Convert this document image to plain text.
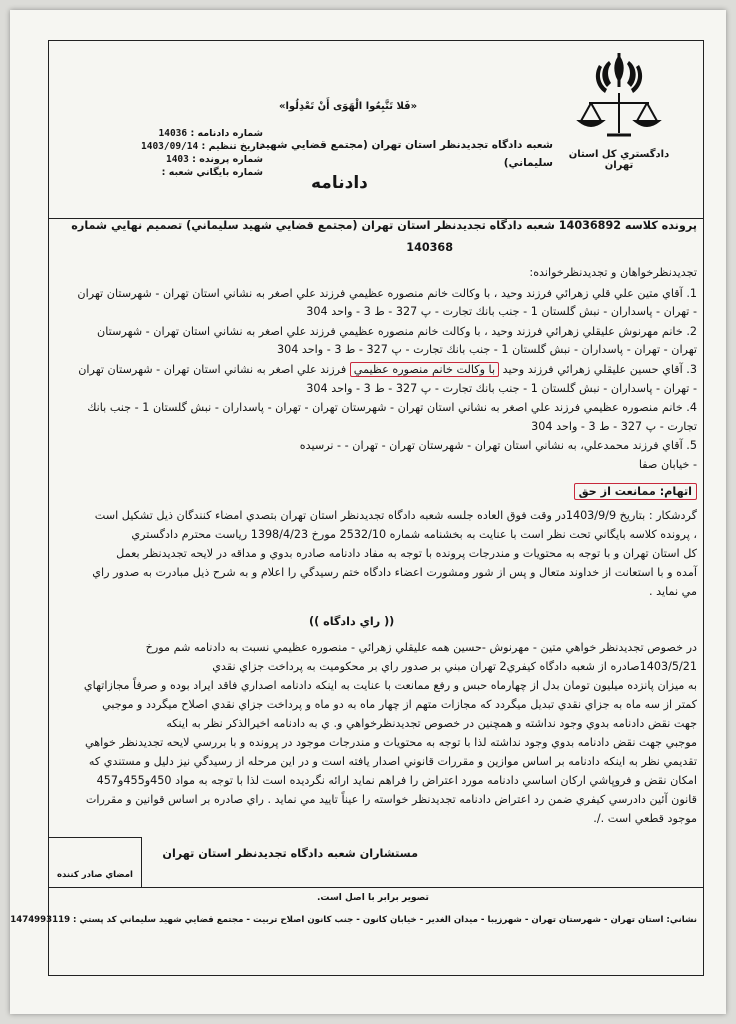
دادگستري كل استان تهران
«فَلا تَتَّبِعُوا الْهَوَى أَنْ تَعْدِلُوا»
شعبه دادگاه تجديدنظر استان تهران (مجتمع قضايي شهيد
سليماني)
دادنامه
شماره دادنامه : 14036
تاريخ تنظيم : 1403/09/14
شماره پرونده : 1403
شماره بايگاني شعبه :
پرونده كلاسه 14036892 شعبه دادگاه تجديدنظر استان تهران (مجتمع قضايي شهيد سليماني) تصميم نهايي شماره
140368
تجديدنظرخواهان و تجديدنظرخوانده:
1. آقاي متين علي قلي زهرائي فرزند وحيد ، با وكالت خانم منصوره عظيمي فرزند علي اصغر به نشاني استان تهران - شهرستان تهران
- تهران - پاسداران - نبش گلستان 1 - جنب بانك تجارت - پ 327 - ط 3 - واحد 304
2. خانم مهرنوش عليقلي زهرائي فرزند وحيد ، با وكالت خانم منصوره عظيمي فرزند علي اصغر به نشاني استان تهران - شهرستان
تهران - تهران - پاسداران - نبش گلستان 1 - جنب بانك تجارت - پ 327 - ط 3 - واحد 304
3. آقاي حسين عليقلي زهرائي فرزند وحيد با وكالت خانم منصوره عظيمي فرزند علي اصغر به نشاني استان تهران - شهرستان تهران
- تهران - پاسداران - نبش گلستان 1 - جنب بانك تجارت - پ 327 - ط 3 - واحد 304
4. خانم منصوره عظيمي فرزند علي اصغر به نشاني استان تهران - شهرستان تهران - تهران - پاسداران - نبش گلستان 1 - جنب بانك
تجارت - پ 327 - ط 3 - واحد 304
5. آقاي فرزند محمدعلي، به نشاني استان تهران - شهرستان تهران - تهران - - نرسيده
- خيابان صفا
اتهام: ممانعت از حق
گردشكار : بتاريخ 1403/9/9در وقت فوق العاده جلسه شعبه دادگاه تجديدنظر استان تهران بتصدي امضاء كنندگان ذيل تشكيل است
، پرونده كلاسه بايگاني تحت نظر است با عنايت به بخشنامه شماره 2532/10 مورخ 1398/4/23 رياست محترم دادگستري
كل استان تهران و با توجه به محتويات و مندرجات پرونده با توجه به مفاد دادنامه صادره بدوي و مداقه در لايحه تجديدنظر بعمل
آمده و با استعانت از خداوند متعال و پس از شور ومشورت اعضاء دادگاه ختم رسيدگي را اعلام و به شرح ذيل مبادرت به صدور راي
مي نمايد .
(( راي دادگاه ))
در خصوص تجديدنظر خواهي متين - مهرنوش -حسين همه عليقلي زهرائي - منصوره عظيمي نسبت به دادنامه شم مورخ
1403/5/21صادره از شعبه دادگاه كيفري2 تهران مبني بر صدور راي بر محكوميت به پرداخت جزاي نقدي
به ميزان پانزده ميليون تومان بدل از چهارماه حبس و رفع ممانعت با عنايت به اينكه دادنامه اصداري فاقد ايراد بوده و صرفاً مجازاتهاي
كمتر از سه ماه به جزاي نقدي تبديل ميگردد كه مجازات متهم از چهار ماه به دو ماه و پرداخت جزاي نقدي اصلاح ميگردد و موجبي
جهت نقض دادنامه بدوي وجود نداشته و همچنين در خصوص تجديدنظرخواهي و. ي به دادنامه اخيرالذكر نظر به اينكه
موجبي جهت نقض دادنامه بدوي وجود نداشته لذا با توجه به محتويات و مندرجات موجود در پرونده و با بررسي لايحه تجديدنظر خواهي
تقديمي نظر به اينكه دادنامه بر اساس موازين و مقررات قانوني اصدار يافته است و در اين مرحله از رسيدگي نيز دليل و مستندي كه
امكان نقض و فروپاشي اركان اساسي دادنامه مورد اعتراض را فراهم نمايد ارائه نگرديده است لذا با توجه به مواد 450و455و457
قانون آئين دادرسي كيفري ضمن رد اعتراض دادنامه تجديدنظر خواسته را عيناً تاييد مي نمايد . راي صادره بر اساس قوانين و مقررات
موجود قطعي است ./.
مستشاران شعبه دادگاه تجديدنظر استان تهران
امضاي صادر كننده
تصوير برابر با اصل است.
نشاني: استان تهران - شهرستان تهران - شهرزيبا - ميدان الغدير - خيابان كانون - جنب كانون اصلاح تربيت - مجتمع قضايي شهيد سليماني كد پستي : 1474993119
